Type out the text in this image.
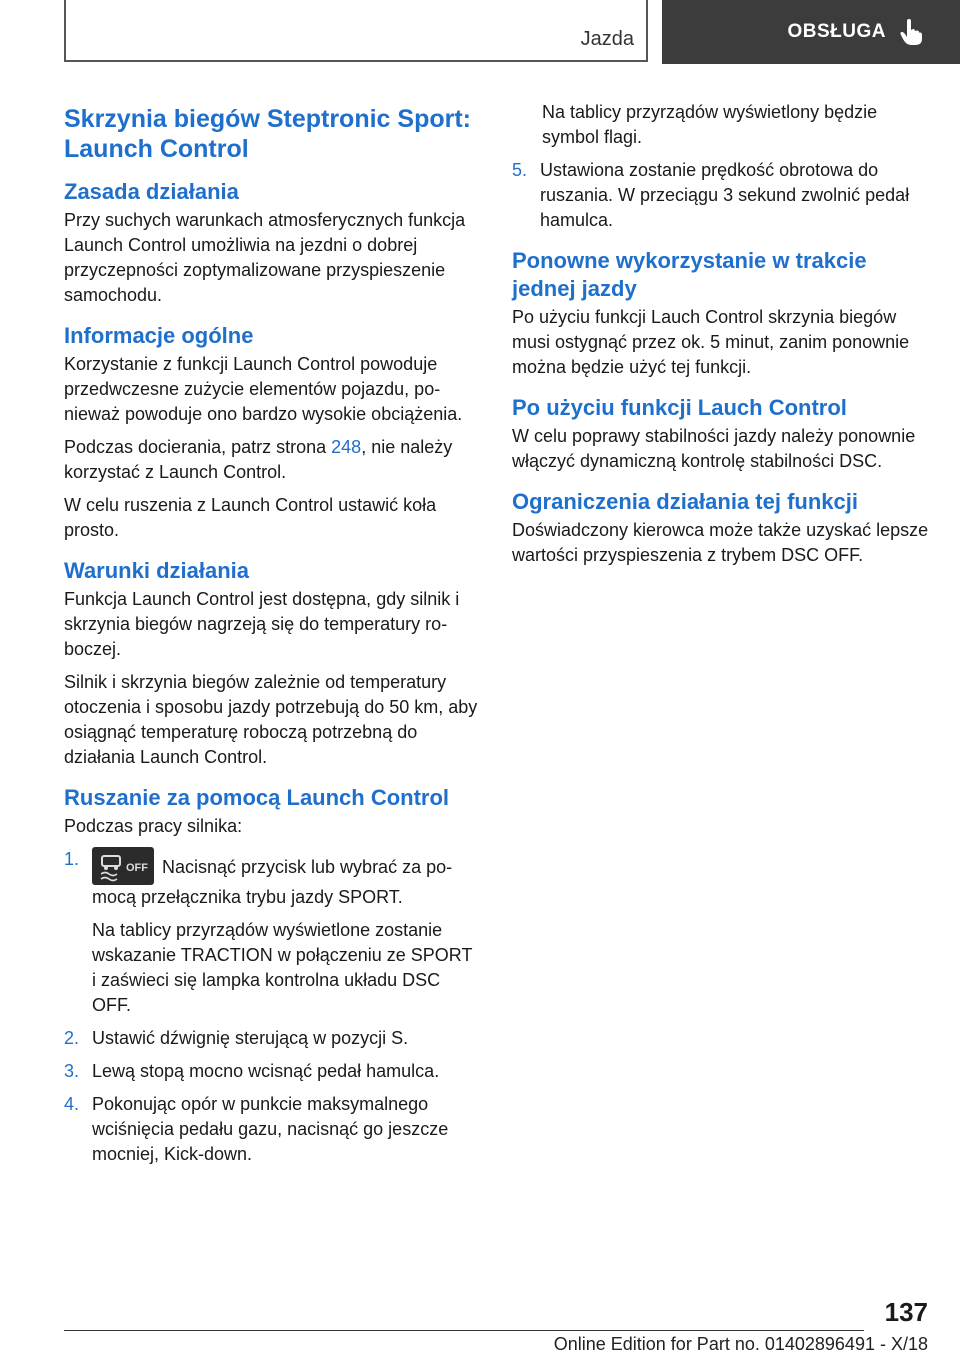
Jazda	OBSŁUGA
Skrzynia biegów Steptronic Sport: Launch Control
Zasada działania

Przy suchych warunkach atmosferycznych funkcja Launch Control umożliwia na jezdni o dobrej przyczepności zoptymalizowane przyspieszenie samochodu.

Informacje ogólne

Korzystanie z funkcji Launch Control powoduje przedwczesne zużycie elementów pojazdu, ponieważ powoduje ono bardzo wysokie obciążenia.

Podczas docierania, patrz strona 248, nie należy korzystać z Launch Control.

W celu ruszenia z Launch Control ustawić koła prosto.

Warunki działania

Funkcja Launch Control jest dostępna, gdy silnik i skrzynia biegów nagrzeją się do temperatury roboczej.

Silnik i skrzynia biegów zależnie od temperatury otoczenia i sposobu jazdy potrzebują do 50 km, aby osiągnąć temperaturę roboczą potrzebną do działania Launch Control.

Ruszanie za pomocą Launch Control

Podczas pracy silnika:

1.	OFF Nacisnąć przycisk lub wybrać za pomocą przełącznika trybu jazdy SPORT.

Na tablicy przyrządów wyświetlone zostanie wskazanie TRACTION w połączeniu ze SPORT i zaświeci się lampka kontrolna układu DSC OFF.

2. Ustawić dźwignię sterującą w pozycji S.

3. Lewą stopą mocno wcisnąć pedał hamulca.

4. Pokonując opór w punkcie maksymalnego wciśnięcia pedału gazu, nacisnąć go jeszcze mocniej, Kick-down.

Na tablicy przyrządów wyświetlony będzie symbol flagi.

5. Ustawiona zostanie prędkość obrotowa do ruszania. W przeciągu 3 sekund zwolnić pedał hamulca.

Ponowne wykorzystanie w trakcie jednej jazdy

Po użyciu funkcji Lauch Control skrzynia biegów musi ostygnąć przez ok. 5 minut, zanim ponownie można będzie użyć tej funkcji.

Po użyciu funkcji Lauch Control

W celu poprawy stabilności jazdy należy ponownie włączyć dynamiczną kontrolę stabilności DSC.

Ograniczenia działania tej funkcji

Doświadczony kierowca może także uzyskać lepsze wartości przyspieszenia z trybem DSC OFF.

137
Online Edition for Part no. 01402896491 - X/18
